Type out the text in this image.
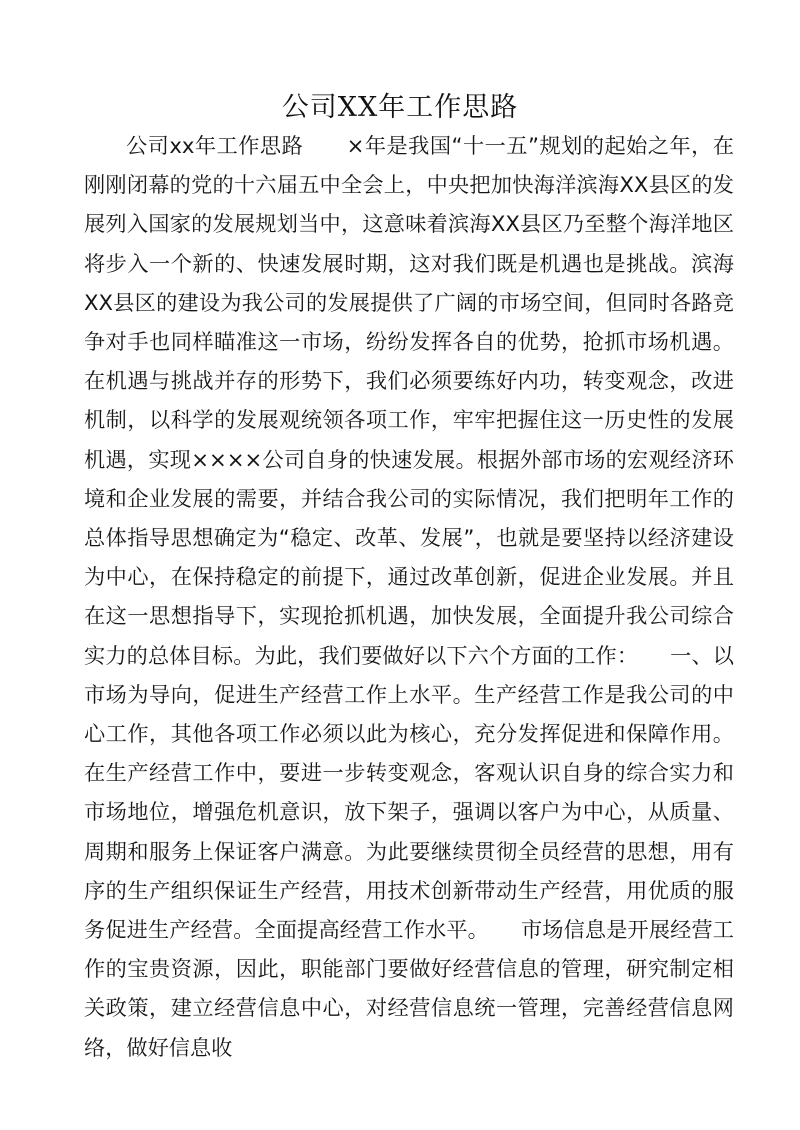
公司XX年工作思路

公司xx年工作思路　　×年是我国“十一五”规划的起始之年，在刚刚闭幕的党的十六届五中全会上，中央把加快海洋滨海XX县区的发展列入国家的发展规划当中，这意味着滨海XX县区乃至整个海洋地区将步入一个新的、快速发展时期，这对我们既是机遇也是挑战。滨海XX县区的建设为我公司的发展提供了广阔的市场空间，但同时各路竞争对手也同样瞄准这一市场，纷纷发挥各自的优势，抢抓市场机遇。在机遇与挑战并存的形势下，我们必须要练好内功，转变观念，改进机制，以科学的发展观统领各项工作，牢牢把握住这一历史性的发展机遇，实现××××公司自身的快速发展。根据外部市场的宏观经济环境和企业发展的需要，并结合我公司的实际情况，我们把明年工作的总体指导思想确定为“稳定、改革、发展”，也就是要坚持以经济建设为中心，在保持稳定的前提下，通过改革创新，促进企业发展。并且在这一思想指导下，实现抢抓机遇，加快发展，全面提升我公司综合实力的总体目标。为此，我们要做好以下六个方面的工作：　　一、以市场为导向，促进生产经营工作上水平。生产经营工作是我公司的中心工作，其他各项工作必须以此为核心，充分发挥促进和保障作用。在生产经营工作中，要进一步转变观念，客观认识自身的综合实力和市场地位，增强危机意识，放下架子，强调以客户为中心，从质量、周期和服务上保证客户满意。为此要继续贯彻全员经营的思想，用有序的生产组织保证生产经营，用技术创新带动生产经营，用优质的服务促进生产经营。全面提高经营工作水平。　　市场信息是开展经营工作的宝贵资源，因此，职能部门要做好经营信息的管理，研究制定相关政策，建立经营信息中心，对经营信息统一管理，完善经营信息网络，做好信息收
